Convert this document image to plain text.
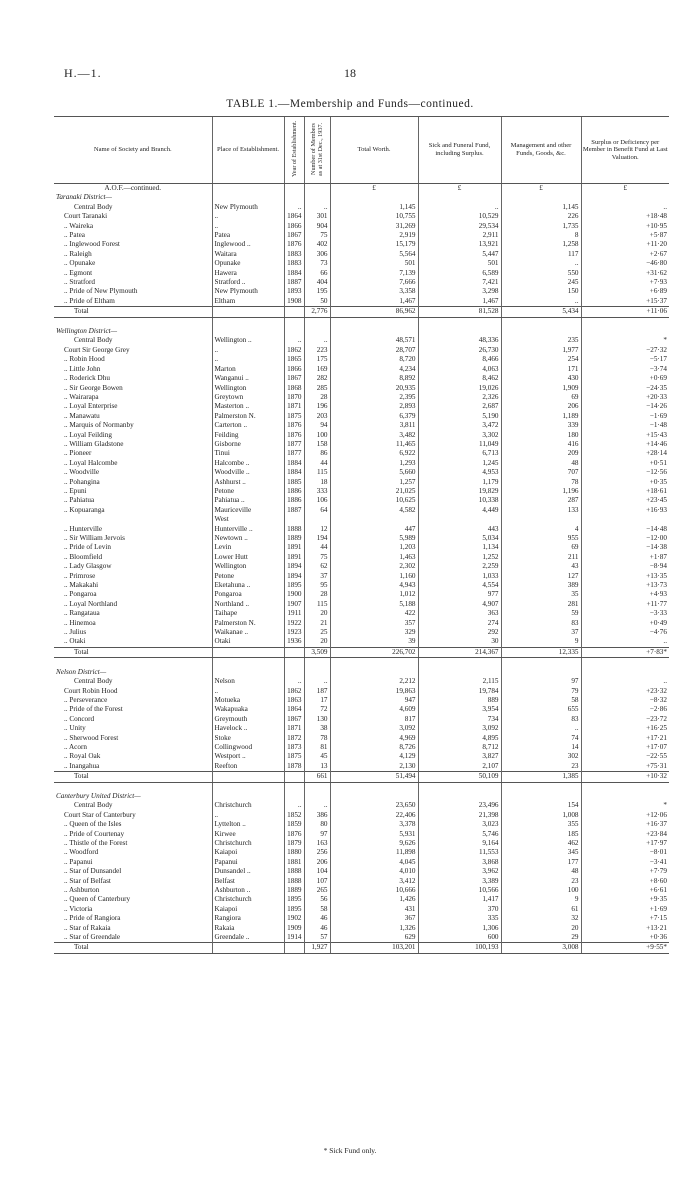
H.—1.	18
TABLE 1.—Membership and Funds—continued.
Name of Society and Branch.	Place of Establishment.	Year of Establishment.	Number of Members as at 31st Dec., 1937.	Total Worth.	Sick and Funeral Fund, including Surplus.	Management and other Funds, Goods, &c.	Surplus or Deficiency per Member in Benefit Fund at Last Valuation.
A.O.F.—continued.				£	£	£	£
Taranaki District—							
Central Body	New Plymouth	..	..	1,145	..	1,145	..
Court Taranaki	..	1864	301	10,755	10,529	226	+18·48
.. Waireka	..	1866	904	31,269	29,534	1,735	+10·95
.. Patea	Patea	1867	75	2,919	2,911	8	+5·87
.. Inglewood Forest	Inglewood ..	1876	402	15,179	13,921	1,258	+11·20
.. Raleigh	Waitara	1883	306	5,564	5,447	117	+2·67
.. Opunake	Opunake	1883	73	501	501	..	−46·80
.. Egmont	Hawera	1884	66	7,139	6,589	550	+31·62
.. Stratford	Stratford ..	1887	404	7,666	7,421	245	+7·93
.. Pride of New Plymouth	New Plymouth	1893	195	3,358	3,298	150	+6·89
.. Pride of Eltham	Eltham	1908	50	1,467	1,467	..	+15·37
Total			2,776	86,962	81,528	5,434	+11·06

Wellington District—							
Central Body	Wellington ..	..	..	48,571	48,336	235	*
Court Sir George Grey	..	1862	223	28,707	26,730	1,977	−27·32
.. Robin Hood	..	1865	175	8,720	8,466	254	−5·17
.. Little John	Marton	1866	169	4,234	4,063	171	−3·74
.. Roderick Dhu	Wanganui ..	1867	282	8,892	8,462	430	+0·69
.. Sir George Bowen	Wellington	1868	285	20,935	19,026	1,909	−24·35
.. Wairarapa	Greytown	1870	28	2,395	2,326	69	+20·33
.. Loyal Enterprise	Masterton ..	1871	196	2,893	2,687	206	−14·26
.. Manawatu	Palmerston N.	1875	203	6,379	5,190	1,189	−1·69
.. Marquis of Normanby	Carterton ..	1876	94	3,811	3,472	339	−1·48
.. Loyal Feilding	Feilding	1876	100	3,482	3,302	180	+15·43
.. William Gladstone	Gisborne	1877	158	11,465	11,049	416	+14·46
.. Pioneer	Tinui	1877	86	6,922	6,713	209	+28·14
.. Loyal Halcombe	Halcombe ..	1884	44	1,293	1,245	48	+0·51
.. Woodville	Woodville ..	1884	115	5,660	4,953	707	−12·56
.. Pohangina	Ashhurst ..	1885	18	1,257	1,179	78	+0·35
.. Epuni	Petone	1886	333	21,025	19,829	1,196	+18·61
.. Pahiatua	Pahiatua ..	1886	106	10,625	10,338	287	+23·45
.. Kopuaranga	Mauriceville	1887	64	4,582	4,449	133	+16·93
	West						
.. Hunterville	Hunterville ..	1888	12	447	443	4	−14·48
.. Sir William Jervois	Newtown ..	1889	194	5,989	5,034	955	−12·00
.. Pride of Levin	Levin	1891	44	1,203	1,134	69	−14·38
.. Bloomfield	Lower Hutt	1891	75	1,463	1,252	211	+1·87
.. Lady Glasgow	Wellington	1894	62	2,302	2,259	43	−8·94
.. Primrose	Petone	1894	37	1,160	1,033	127	+13·35
.. Makakahi	Eketahuna ..	1895	95	4,943	4,554	389	+13·73
.. Pongaroa	Pongaroa	1900	28	1,012	977	35	+4·93
.. Loyal Northland	Northland ..	1907	115	5,188	4,907	281	+11·77
.. Rangataua	Taihape	1911	20	422	363	59	−3·33
.. Hinemoa	Palmerston N.	1922	21	357	274	83	+0·49
.. Julius	Waikanae ..	1923	25	329	292	37	−4·76
.. Otaki	Otaki	1936	20	39	30	9	..
Total			3,509	226,702	214,367	12,335	+7·83*

Nelson District—							
Central Body	Nelson	..	..	2,212	2,115	97	..
Court Robin Hood	..	1862	187	19,863	19,784	79	+23·32
.. Perseverance	Motueka	1863	17	947	889	58	−8·32
.. Pride of the Forest	Wakapuaka	1864	72	4,609	3,954	655	−2·86
.. Concord	Greymouth	1867	130	817	734	83	−23·72
.. Unity	Havelock ..	1871	38	3,092	3,092	..	+16·25
.. Sherwood Forest	Stoke	1872	78	4,969	4,895	74	+17·21
.. Acorn	Collingwood	1873	81	8,726	8,712	14	+17·07
.. Royal Oak	Westport ..	1875	45	4,129	3,827	302	−22·55
.. Inangahua	Reefton	1878	13	2,130	2,107	23	+75·31
Total			661	51,494	50,109	1,385	+10·32

Canterbury United District—							
Central Body	Christchurch	..	..	23,650	23,496	154	*
Court Star of Canterbury	..	1852	386	22,406	21,398	1,008	+12·06
.. Queen of the Isles	Lyttelton ..	1859	80	3,378	3,023	355	+16·37
.. Pride of Courtenay	Kirwee	1876	97	5,931	5,746	185	+23·84
.. Thistle of the Forest	Christchurch	1879	163	9,626	9,164	462	+17·97
.. Woodford	Kaiapoi	1880	256	11,898	11,553	345	−8·01
.. Papanui	Papanui	1881	206	4,045	3,868	177	−3·41
.. Star of Dunsandel	Dunsandel ..	1888	104	4,010	3,962	48	+7·79
.. Star of Belfast	Belfast	1888	107	3,412	3,389	23	+8·60
.. Ashburton	Ashburton ..	1889	265	10,666	10,566	100	+6·61
.. Queen of Canterbury	Christchurch	1895	56	1,426	1,417	9	+9·35
.. Victoria	Kaiapoi	1895	58	431	370	61	+1·69
.. Pride of Rangiora	Rangiora	1902	46	367	335	32	+7·15
.. Star of Rakaia	Rakaia	1909	46	1,326	1,306	20	+13·21
.. Star of Greendale	Greendale ..	1914	57	629	600	29	+0·36
Total			1,927	103,201	100,193	3,008	+9·55*
* Sick Fund only.
